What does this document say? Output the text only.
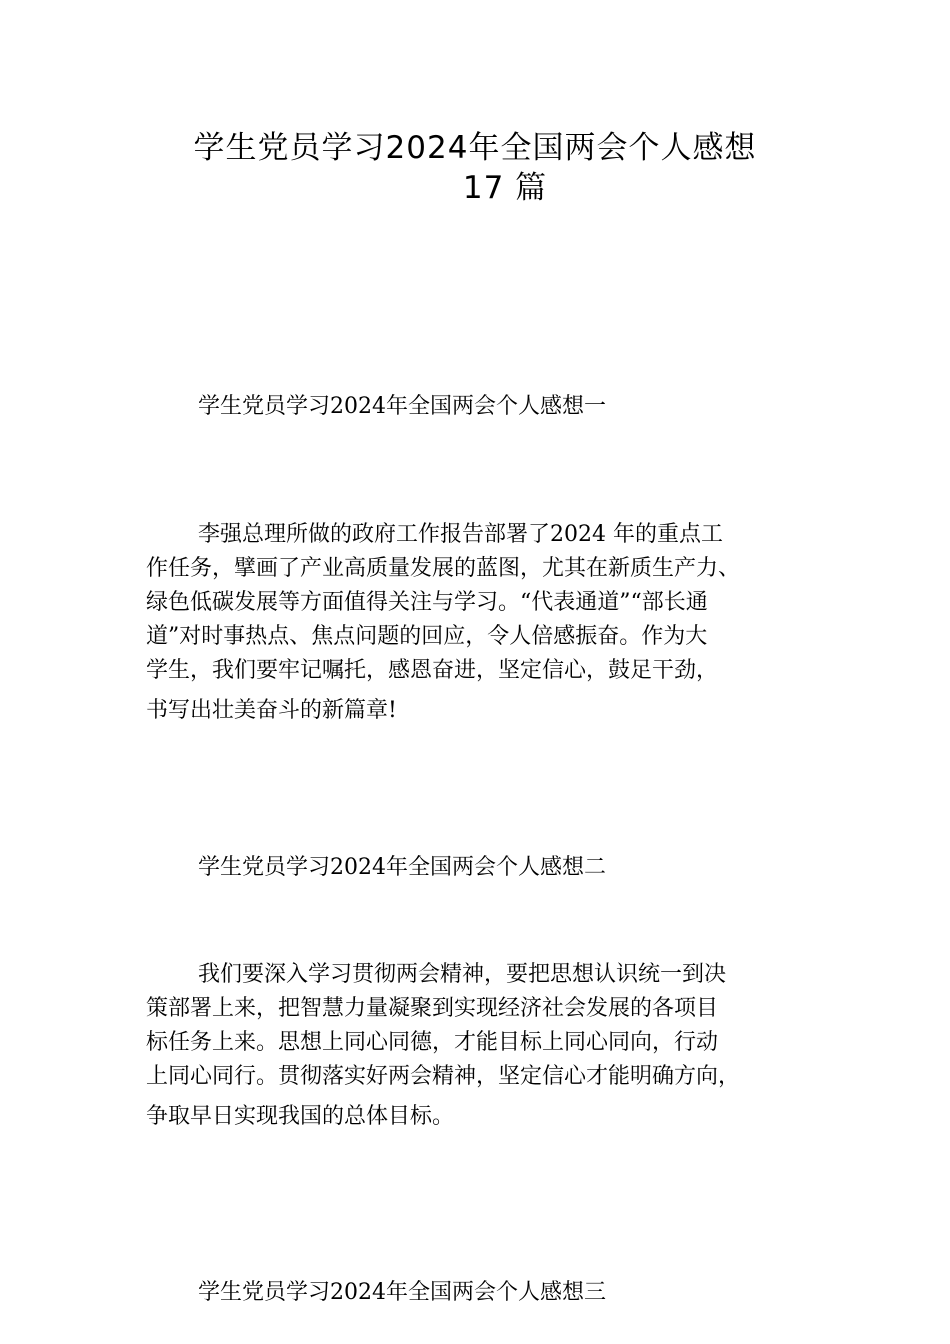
学生党员学习2024年全国两会个人感想
17 篇
学生党员学习2024年全国两会个人感想一
李强总理所做的政府工作报告部署了2024 年的重点工
作任务，擘画了产业高质量发展的蓝图，尤其在新质生产力、
绿色低碳发展等方面值得关注与学习。“代表通道”“部长通
道”对时事热点、焦点问题的回应，令人倍感振奋。作为大
学生，我们要牢记嘱托，感恩奋进，坚定信心，鼓足干劲，
书写出壮美奋斗的新篇章!
学生党员学习2024年全国两会个人感想二
我们要深入学习贯彻两会精神，要把思想认识统一到决
策部署上来，把智慧力量凝聚到实现经济社会发展的各项目
标任务上来。思想上同心同德，才能目标上同心同向，行动
上同心同行。贯彻落实好两会精神，坚定信心才能明确方向，
争取早日实现我国的总体目标。
学生党员学习2024年全国两会个人感想三
